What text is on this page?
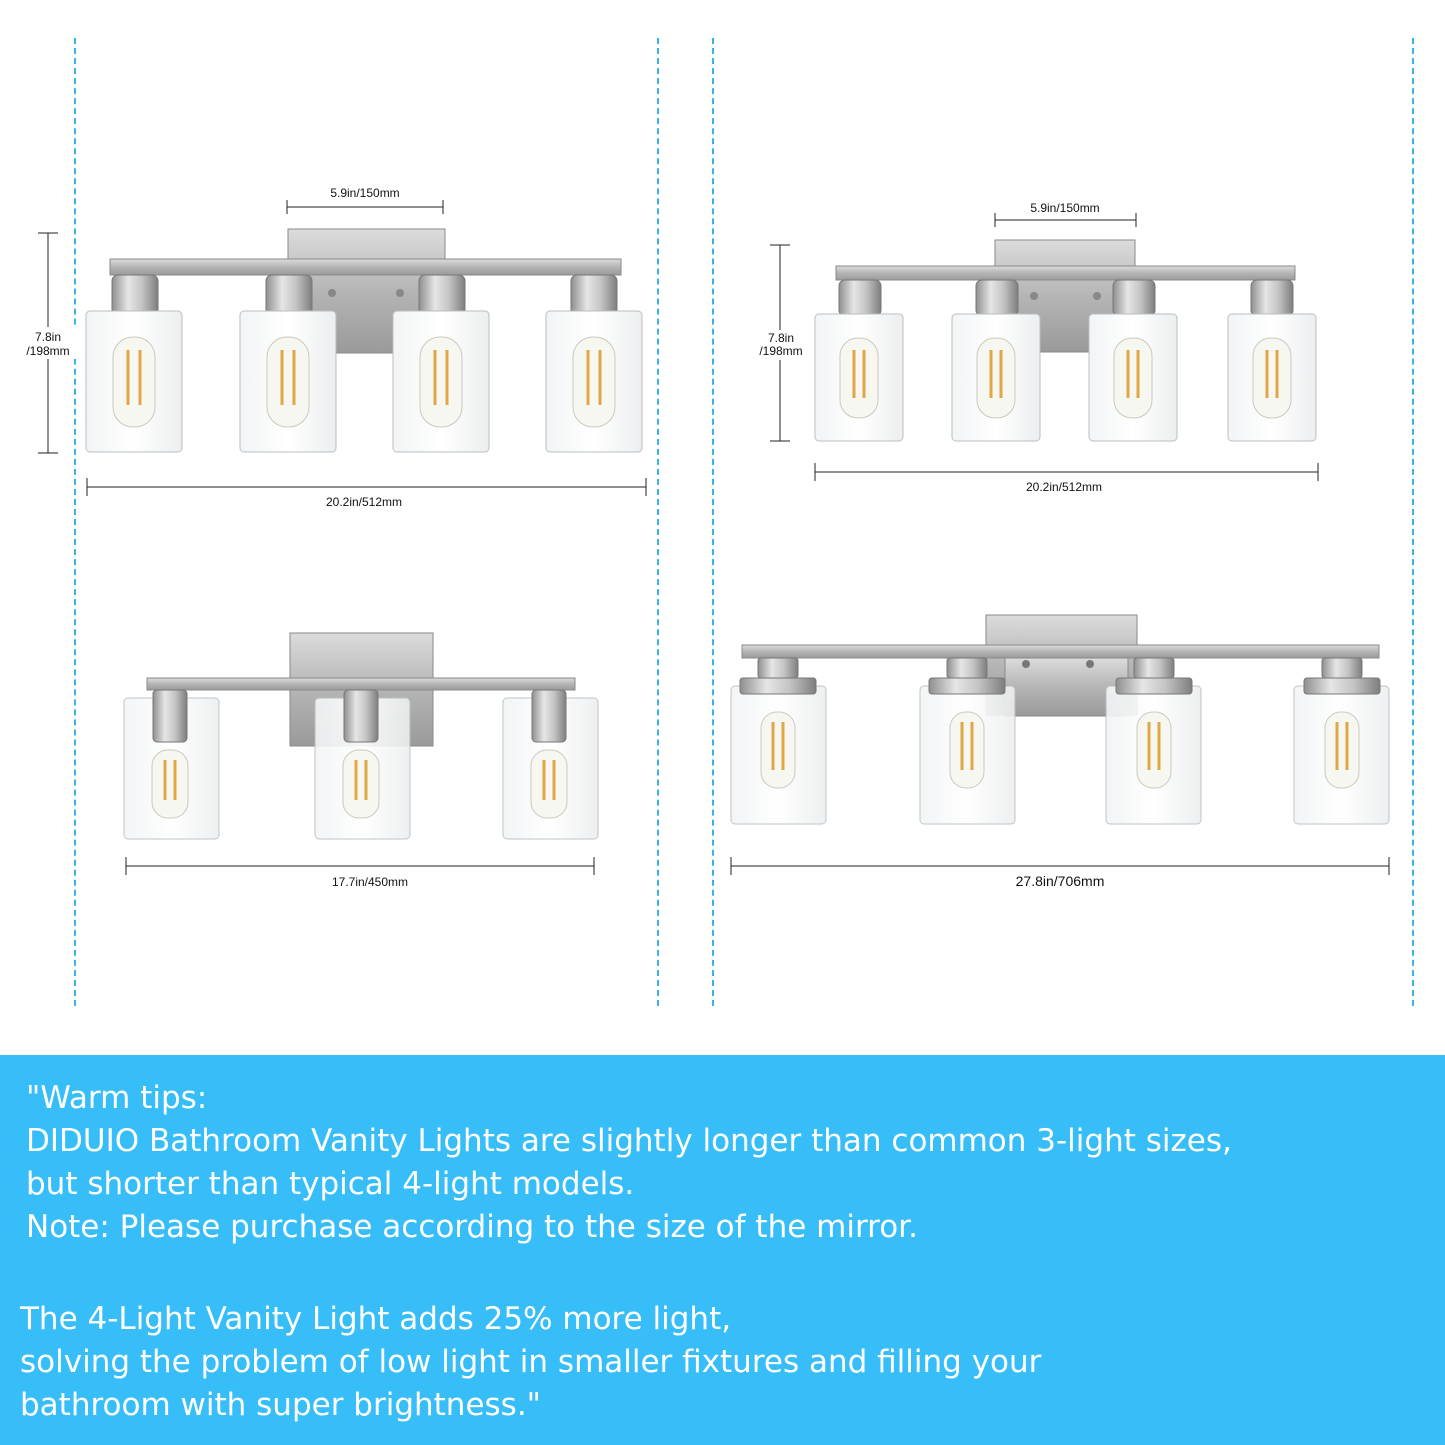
5.9in/150mm
7.8in
/198mm
20.2in/512mm
5.9in/150mm
7.8in
/198mm
20.2in/512mm
17.7in/450mm	27.8in/706mm
"Warm tips:
DIDUIO Bathroom Vanity Lights are slightly longer than common 3-light sizes,
but shorter than typical 4-light models.
Note: Please purchase according to the size of the mirror.
The 4-Light Vanity Light adds 25% more light,
solving the problem of low light in smaller fixtures and filling your
bathroom with super brightness."
